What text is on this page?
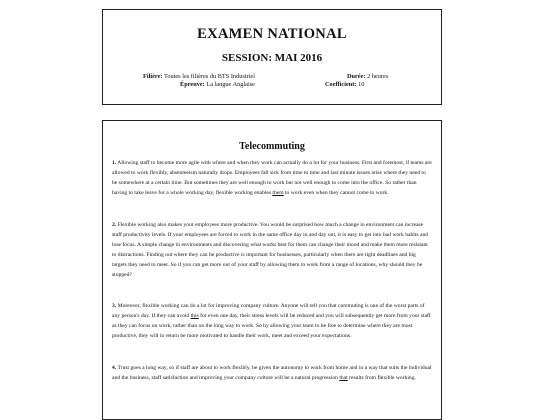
EXAMEN NATIONAL
SESSION: MAI 2016
Filière: Toutes les filières du BTS Industriel
Épreuve: La langue Anglaise
Durée: 2 heures
Coefficient: 10
Telecommuting

1. Allowing staff to become more agile with where and when they work can actually do a lot for your business. First and foremost, if teams are allowed to work flexibly, absenteeism naturally drops. Employees fall sick from time to time and last minute issues arise where they need to be somewhere at a certain time. But sometimes they are well enough to work but not well enough to come into the office. So rather than having to take leave for a whole working day, flexible working enables them to work even when they cannot come to work.

2. Flexible working also makes your employees more productive. You would be surprised how much a change in environment can increase staff productivity levels. If your employees are forced to work in the same office day in and day out, it is easy to get into bad work habits and lose focus. A simple change in environments and discovering what works best for them can change their mood and make them more resistant to distractions. Finding out where they can be productive is important for businesses, particularly when there are tight deadlines and big targets they need to meet. So if you can get more out of your staff by allowing them to work from a range of locations, why should they be stopped?

3. Moreover, flexible working can do a lot for improving company culture. Anyone will tell you that commuting is one of the worst parts of any person's day. If they can avoid this for even one day, their stress levels will be reduced and you will subsequently get more from your staff as they can focus on work, rather than on the long way to work. So by allowing your team to be free to determine where they are most productive, they will in return be more motivated to handle their work, meet and exceed your expectations.

4. Trust goes a long way, so if staff are about to work flexibly, be given the autonomy to work from home and in a way that suits the individual and the business, staff satisfaction and improving your company culture will be a natural progression that results from flexible working.
